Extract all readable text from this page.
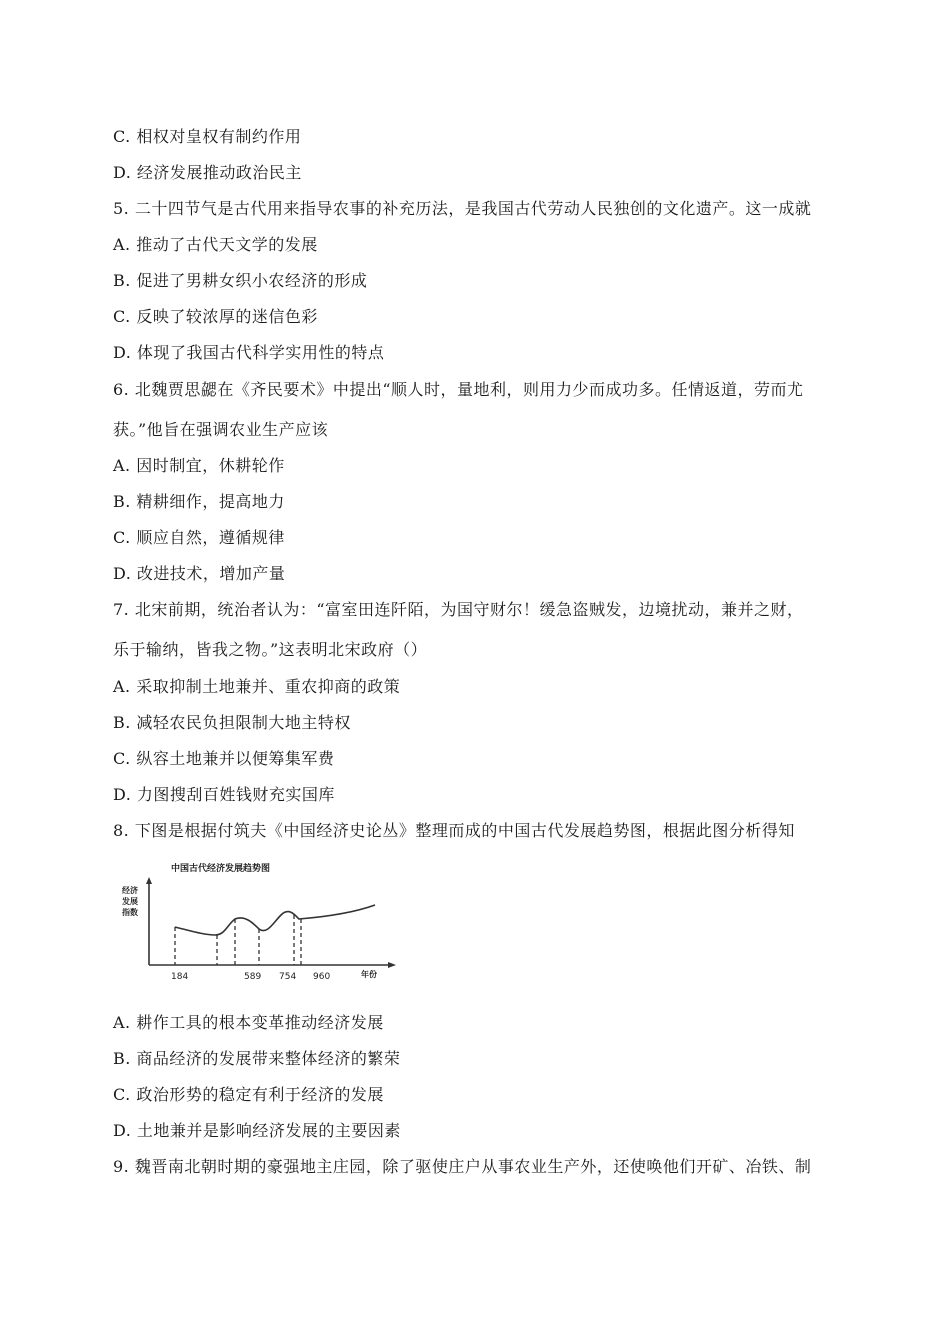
C. 相权对皇权有制约作用
D. 经济发展推动政治民主
5. 二十四节气是古代用来指导农事的补充历法，是我国古代劳动人民独创的文化遗产。这一成就
A. 推动了古代天文学的发展
B. 促进了男耕女织小农经济的形成
C. 反映了较浓厚的迷信色彩
D. 体现了我国古代科学实用性的特点
6. 北魏贾思勰在《齐民要术》中提出“顺人时，量地利，则用力少而成功多。任情返道，劳而尤
获。”他旨在强调农业生产应该
A. 因时制宜，休耕轮作
B. 精耕细作，提高地力
C. 顺应自然，遵循规律
D. 改进技术，增加产量
7. 北宋前期，统治者认为：“富室田连阡陌，为国守财尔！缓急盗贼发，边境扰动，兼并之财，
乐于输纳，皆我之物。”这表明北宋政府（）
A. 采取抑制土地兼并、重农抑商的政策
B. 减轻农民负担限制大地主特权
C. 纵容土地兼并以便筹集军费
D. 力图搜刮百姓钱财充实国库
8. 下图是根据付筑夫《中国经济史论丛》整理而成的中国古代发展趋势图，根据此图分析得知
中国古代经济发展趋势图
经济
发展
指数
184	589 754 960	年份
A. 耕作工具的根本变革推动经济发展
B. 商品经济的发展带来整体经济的繁荣
C. 政治形势的稳定有利于经济的发展
D. 土地兼并是影响经济发展的主要因素
9. 魏晋南北朝时期的豪强地主庄园，除了驱使庄户从事农业生产外，还使唤他们开矿、冶铁、制
